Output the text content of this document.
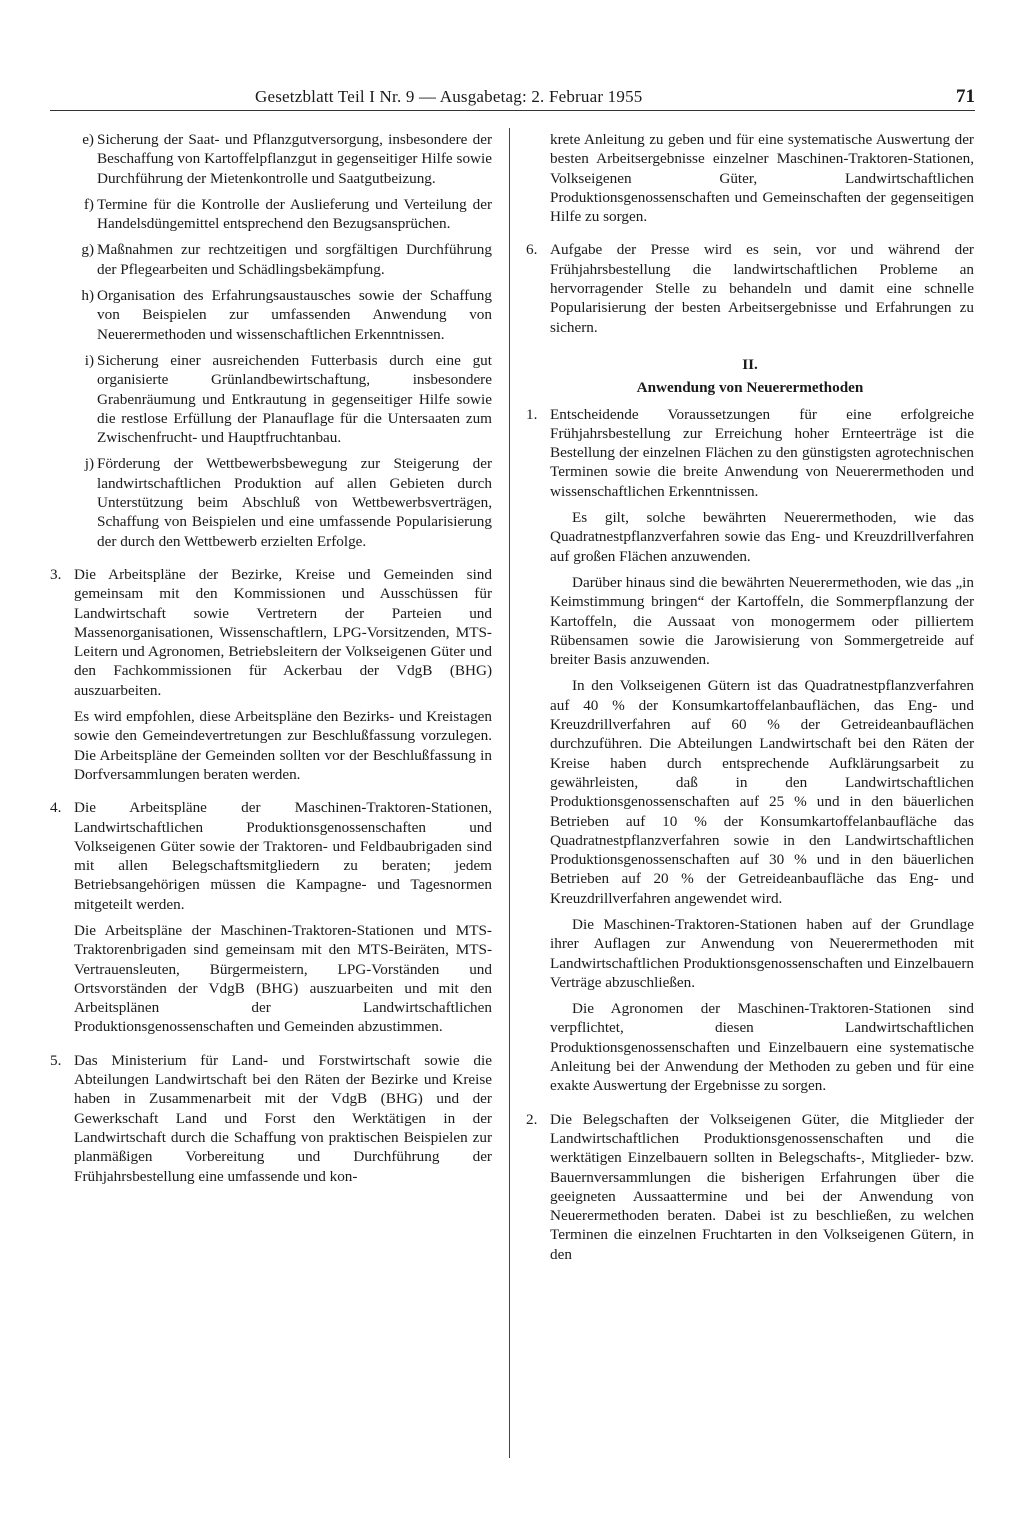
Gesetzblatt Teil I Nr. 9 — Ausgabetag: 2. Februar 1955	71
e) Sicherung der Saat- und Pflanzgutversorgung, insbesondere der Beschaffung von Kartoffelpflanzgut in gegenseitiger Hilfe sowie Durchführung der Mietenkontrolle und Saatgutbeizung.
f) Termine für die Kontrolle der Auslieferung und Verteilung der Handelsdüngemittel entsprechend den Bezugsansprüchen.
g) Maßnahmen zur rechtzeitigen und sorgfältigen Durchführung der Pflegearbeiten und Schädlingsbekämpfung.
h) Organisation des Erfahrungsaustausches sowie der Schaffung von Beispielen zur umfassenden Anwendung von Neuerermethoden und wissenschaftlichen Erkenntnissen.
i) Sicherung einer ausreichenden Futterbasis durch eine gut organisierte Grünlandbewirtschaftung, insbesondere Grabenräumung und Entkrautung in gegenseitiger Hilfe sowie die restlose Erfüllung der Planauflage für die Untersaaten zum Zwischenfrucht- und Hauptfruchtanbau.
j) Förderung der Wettbewerbsbewegung zur Steigerung der landwirtschaftlichen Produktion auf allen Gebieten durch Unterstützung beim Abschluß von Wettbewerbsverträgen, Schaffung von Beispielen und eine umfassende Popularisierung der durch den Wettbewerb erzielten Erfolge.
3. Die Arbeitspläne der Bezirke, Kreise und Gemeinden sind gemeinsam mit den Kommissionen und Ausschüssen für Landwirtschaft sowie Vertretern der Parteien und Massenorganisationen, Wissenschaftlern, LPG-Vorsitzenden, MTS-Leitern und Agronomen, Betriebsleitern der Volkseigenen Güter und den Fachkommissionen für Ackerbau der VdgB (BHG) auszuarbeiten.
Es wird empfohlen, diese Arbeitspläne den Bezirks- und Kreistagen sowie den Gemeindevertretungen zur Beschlußfassung vorzulegen. Die Arbeitspläne der Gemeinden sollten vor der Beschlußfassung in Dorfversammlungen beraten werden.
4. Die Arbeitspläne der Maschinen-Traktoren-Stationen, Landwirtschaftlichen Produktionsgenossenschaften und Volkseigenen Güter sowie der Traktoren- und Feldbaubrigaden sind mit allen Belegschaftsmitgliedern zu beraten; jedem Betriebsangehörigen müssen die Kampagne- und Tagesnormen mitgeteilt werden.
Die Arbeitspläne der Maschinen-Traktoren-Stationen und MTS-Traktorenbrigaden sind gemeinsam mit den MTS-Beiräten, MTS-Vertrauensleuten, Bürgermeistern, LPG-Vorständen und Ortsvorständen der VdgB (BHG) auszuarbeiten und mit den Arbeitsplänen der Landwirtschaftlichen Produktionsgenossenschaften und Gemeinden abzustimmen.
5. Das Ministerium für Land- und Forstwirtschaft sowie die Abteilungen Landwirtschaft bei den Räten der Bezirke und Kreise haben in Zusammenarbeit mit der VdgB (BHG) und der Gewerkschaft Land und Forst den Werktätigen in der Landwirtschaft durch die Schaffung von praktischen Beispielen zur planmäßigen Vorbereitung und Durchführung der Frühjahrsbestellung eine umfassende und kon-
krete Anleitung zu geben und für eine systematische Auswertung der besten Arbeitsergebnisse einzelner Maschinen-Traktoren-Stationen, Volkseigenen Güter, Landwirtschaftlichen Produktionsgenossenschaften und Gemeinschaften der gegenseitigen Hilfe zu sorgen.
6. Aufgabe der Presse wird es sein, vor und während der Frühjahrsbestellung die landwirtschaftlichen Probleme an hervorragender Stelle zu behandeln und damit eine schnelle Popularisierung der besten Arbeitsergebnisse und Erfahrungen zu sichern.
II.
Anwendung von Neuerermethoden
1. Entscheidende Voraussetzungen für eine erfolgreiche Frühjahrsbestellung zur Erreichung hoher Ernteerträge ist die Bestellung der einzelnen Flächen zu den günstigsten agrotechnischen Terminen sowie die breite Anwendung von Neuerermethoden und wissenschaftlichen Erkenntnissen.
Es gilt, solche bewährten Neuerermethoden, wie das Quadratnestpflanzverfahren sowie das Eng- und Kreuzdrillverfahren auf großen Flächen anzuwenden.
Darüber hinaus sind die bewährten Neuerermethoden, wie das „in Keimstimmung bringen“ der Kartoffeln, die Sommerpflanzung der Kartoffeln, die Aussaat von monogermem oder pilliertem Rübensamen sowie die Jarowisierung von Sommergetreide auf breiter Basis anzuwenden.
In den Volkseigenen Gütern ist das Quadratnestpflanzverfahren auf 40 % der Konsumkartoffelanbauflächen, das Eng- und Kreuzdrillverfahren auf 60 % der Getreideanbauflächen durchzuführen. Die Abteilungen Landwirtschaft bei den Räten der Kreise haben durch entsprechende Aufklärungsarbeit zu gewährleisten, daß in den Landwirtschaftlichen Produktionsgenossenschaften auf 25 % und in den bäuerlichen Betrieben auf 10 % der Konsumkartoffelanbaufläche das Quadratnestpflanzverfahren sowie in den Landwirtschaftlichen Produktionsgenossenschaften auf 30 % und in den bäuerlichen Betrieben auf 20 % der Getreideanbaufläche das Eng- und Kreuzdrillverfahren angewendet wird.
Die Maschinen-Traktoren-Stationen haben auf der Grundlage ihrer Auflagen zur Anwendung von Neuerermethoden mit Landwirtschaftlichen Produktionsgenossenschaften und Einzelbauern Verträge abzuschließen.
Die Agronomen der Maschinen-Traktoren-Stationen sind verpflichtet, diesen Landwirtschaftlichen Produktionsgenossenschaften und Einzelbauern eine systematische Anleitung bei der Anwendung der Methoden zu geben und für eine exakte Auswertung der Ergebnisse zu sorgen.
2. Die Belegschaften der Volkseigenen Güter, die Mitglieder der Landwirtschaftlichen Produktionsgenossenschaften und die werktätigen Einzelbauern sollten in Belegschafts-, Mitglieder- bzw. Bauernversammlungen die bisherigen Erfahrungen über die geeigneten Aussaattermine und bei der Anwendung von Neuerermethoden beraten. Dabei ist zu beschließen, zu welchen Terminen die einzelnen Fruchtarten in den Volkseigenen Gütern, in den
